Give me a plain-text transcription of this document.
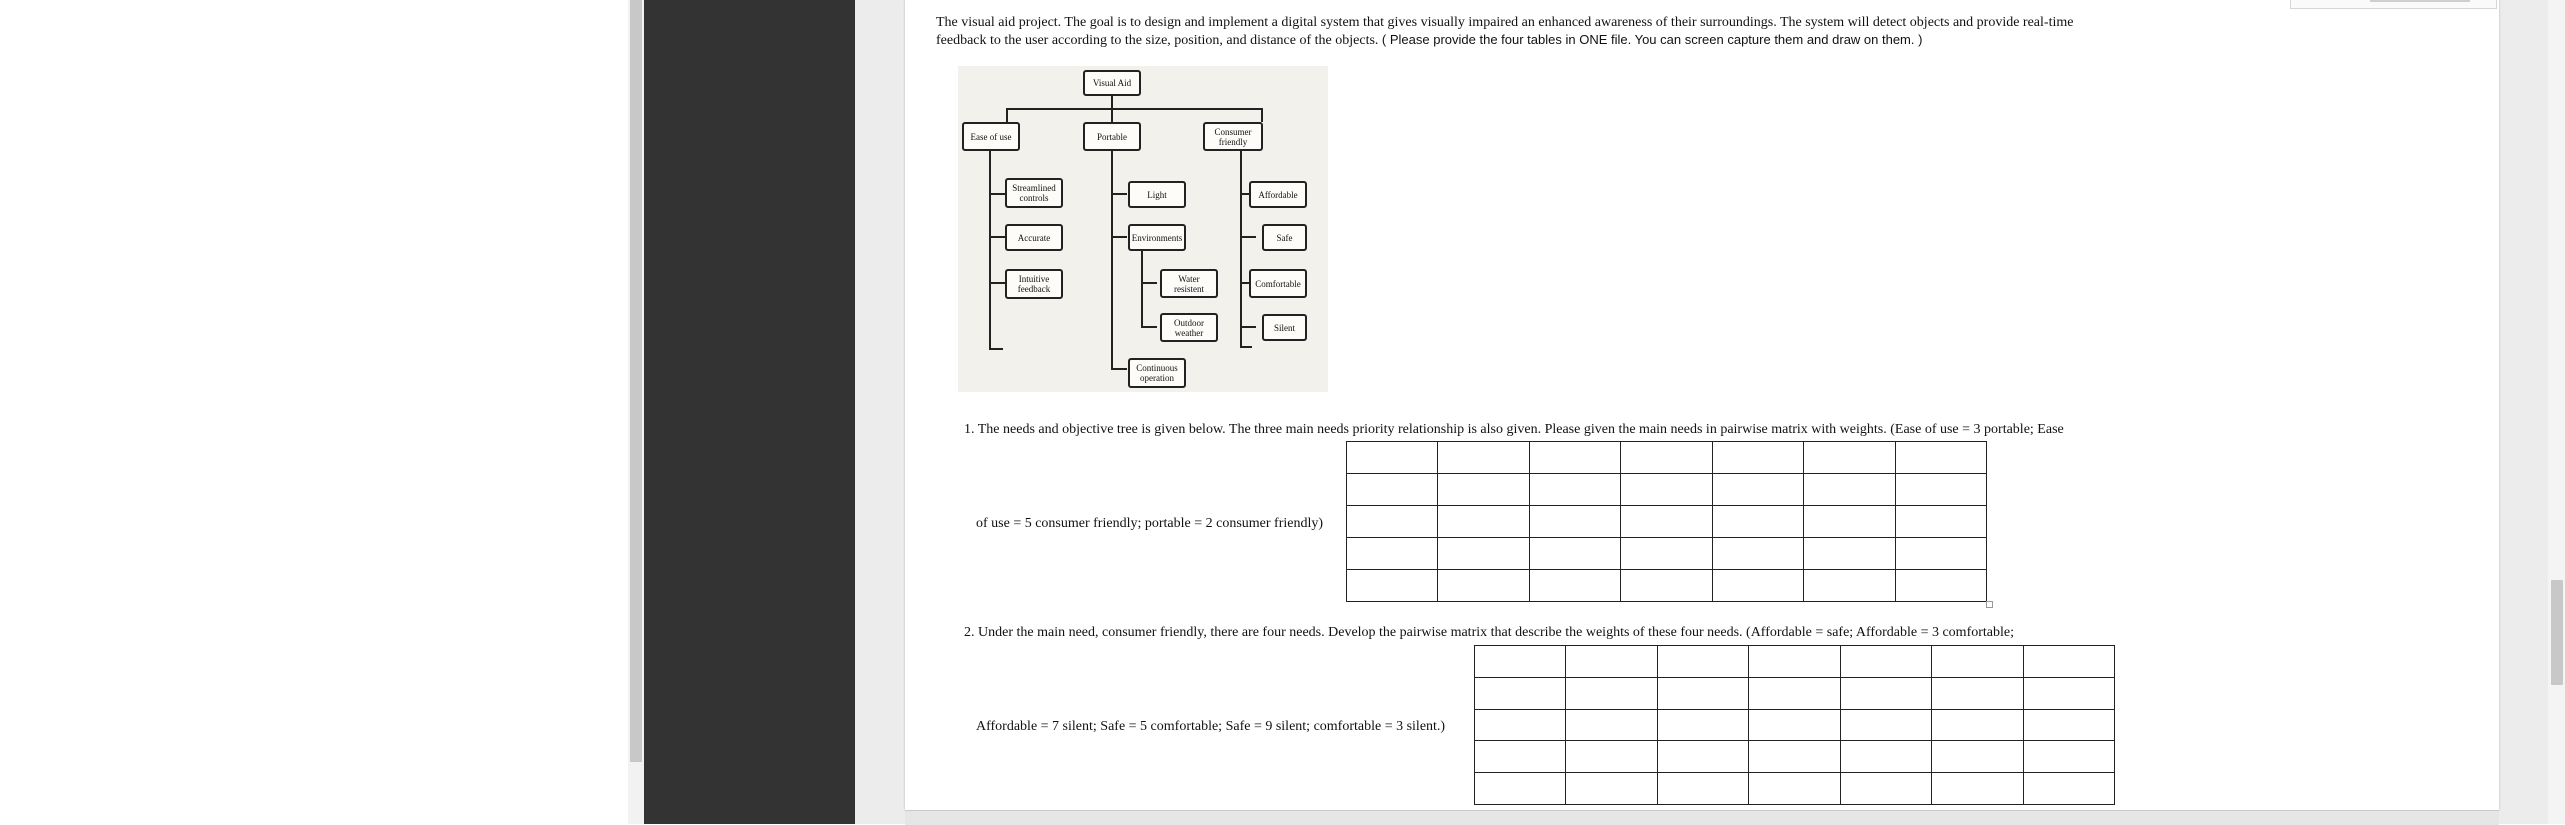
The visual aid project. The goal is to design and implement a digital system that gives visually impaired an enhanced awareness of their surroundings. The system will detect objects and provide real-time
feedback to the user according to the size, position, and distance of the objects. ( Please provide the four tables in ONE file. You can screen capture them and draw on them. )
Visual Aid
Ease of use	Portable	Consumer
friendly
Streamlined
controls
Accurate
Intuitive
feedback
Light
Environments
Water
resistent
Outdoor
weather
Continuous
operation
Affordable
Safe
Comfortable
Silent
1. The needs and objective tree is given below. The three main needs priority relationship is also given. Please given the main needs in pairwise matrix with weights. (Ease of use = 3 portable; Ease
of use = 5 consumer friendly; portable = 2 consumer friendly)

2. Under the main need, consumer friendly, there are four needs. Develop the pairwise matrix that describe the weights of these four needs. (Affordable = safe; Affordable = 3 comfortable;
Affordable = 7 silent; Safe = 5 comfortable; Safe = 9 silent; comfortable = 3 silent.)
